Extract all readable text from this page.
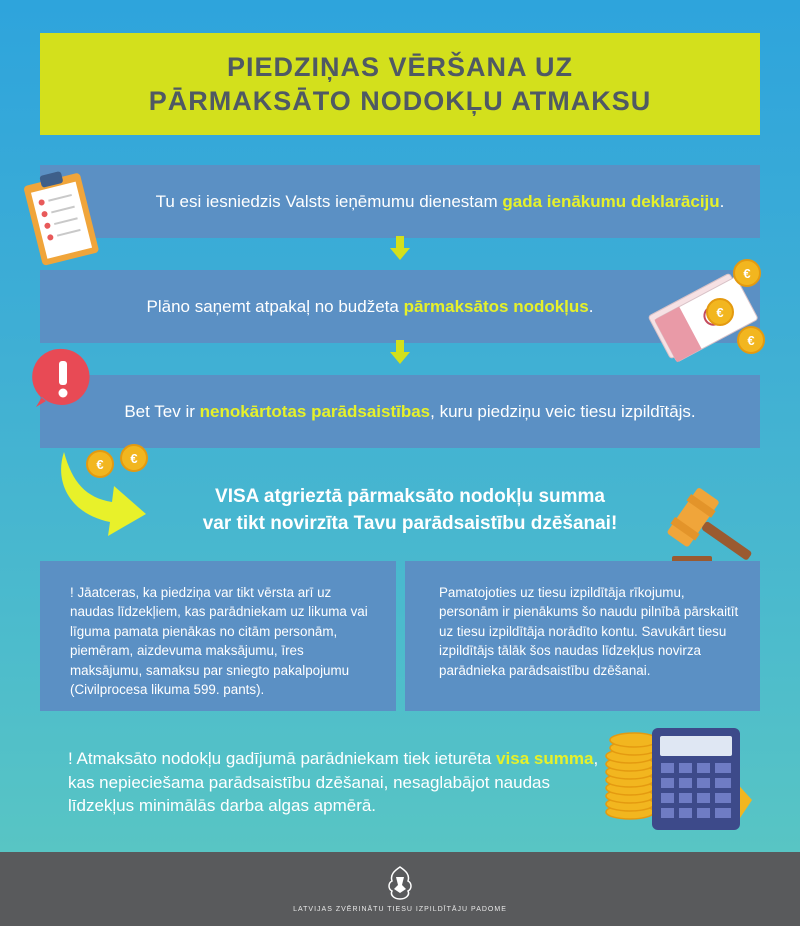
PIEDZIŅAS VĒRŠANA UZ
PĀRMAKSĀTO NODOKĻU ATMAKSU
Tu esi iesniedzis Valsts ieņēmumu dienestam gada ienākumu deklarāciju.
Plāno saņemt atpakaļ no budžeta pārmaksātos nodokļus.
€
€
€
Bet Tev ir nenokārtotas parādsaistības, kuru piedziņu veic tiesu izpildītājs.
€ €
VISA atgrieztā pārmaksāto nodokļu summa
var tikt novirzīta Tavu parādsaistību dzēšanai!
! Jāatceras, ka piedziņa var tikt vērsta arī uz naudas līdzekļiem, kas parādniekam uz likuma vai līguma pamata pienākas no citām personām, piemēram, aizdevuma maksājumu, īres maksājumu, samaksu par sniegto pakalpojumu (Civilprocesa likuma 599. pants).
Pamatojoties uz tiesu izpildītāja rīkojumu, personām ir pienākums šo naudu pilnībā pārskaitīt uz tiesu izpildītāja norādīto kontu. Savukārt tiesu izpildītājs tālāk šos naudas līdzekļus novirza parādnieka parādsaistību dzēšanai.
! Atmaksāto nodokļu gadījumā parādniekam tiek ieturēta visa summa, kas nepieciešama parādsaistību dzēšanai, nesaglabājot naudas līdzekļus minimālās darba algas apmērā.
LATVIJAS ZVĒRINĀTU TIESU IZPILDĪTĀJU PADOME
